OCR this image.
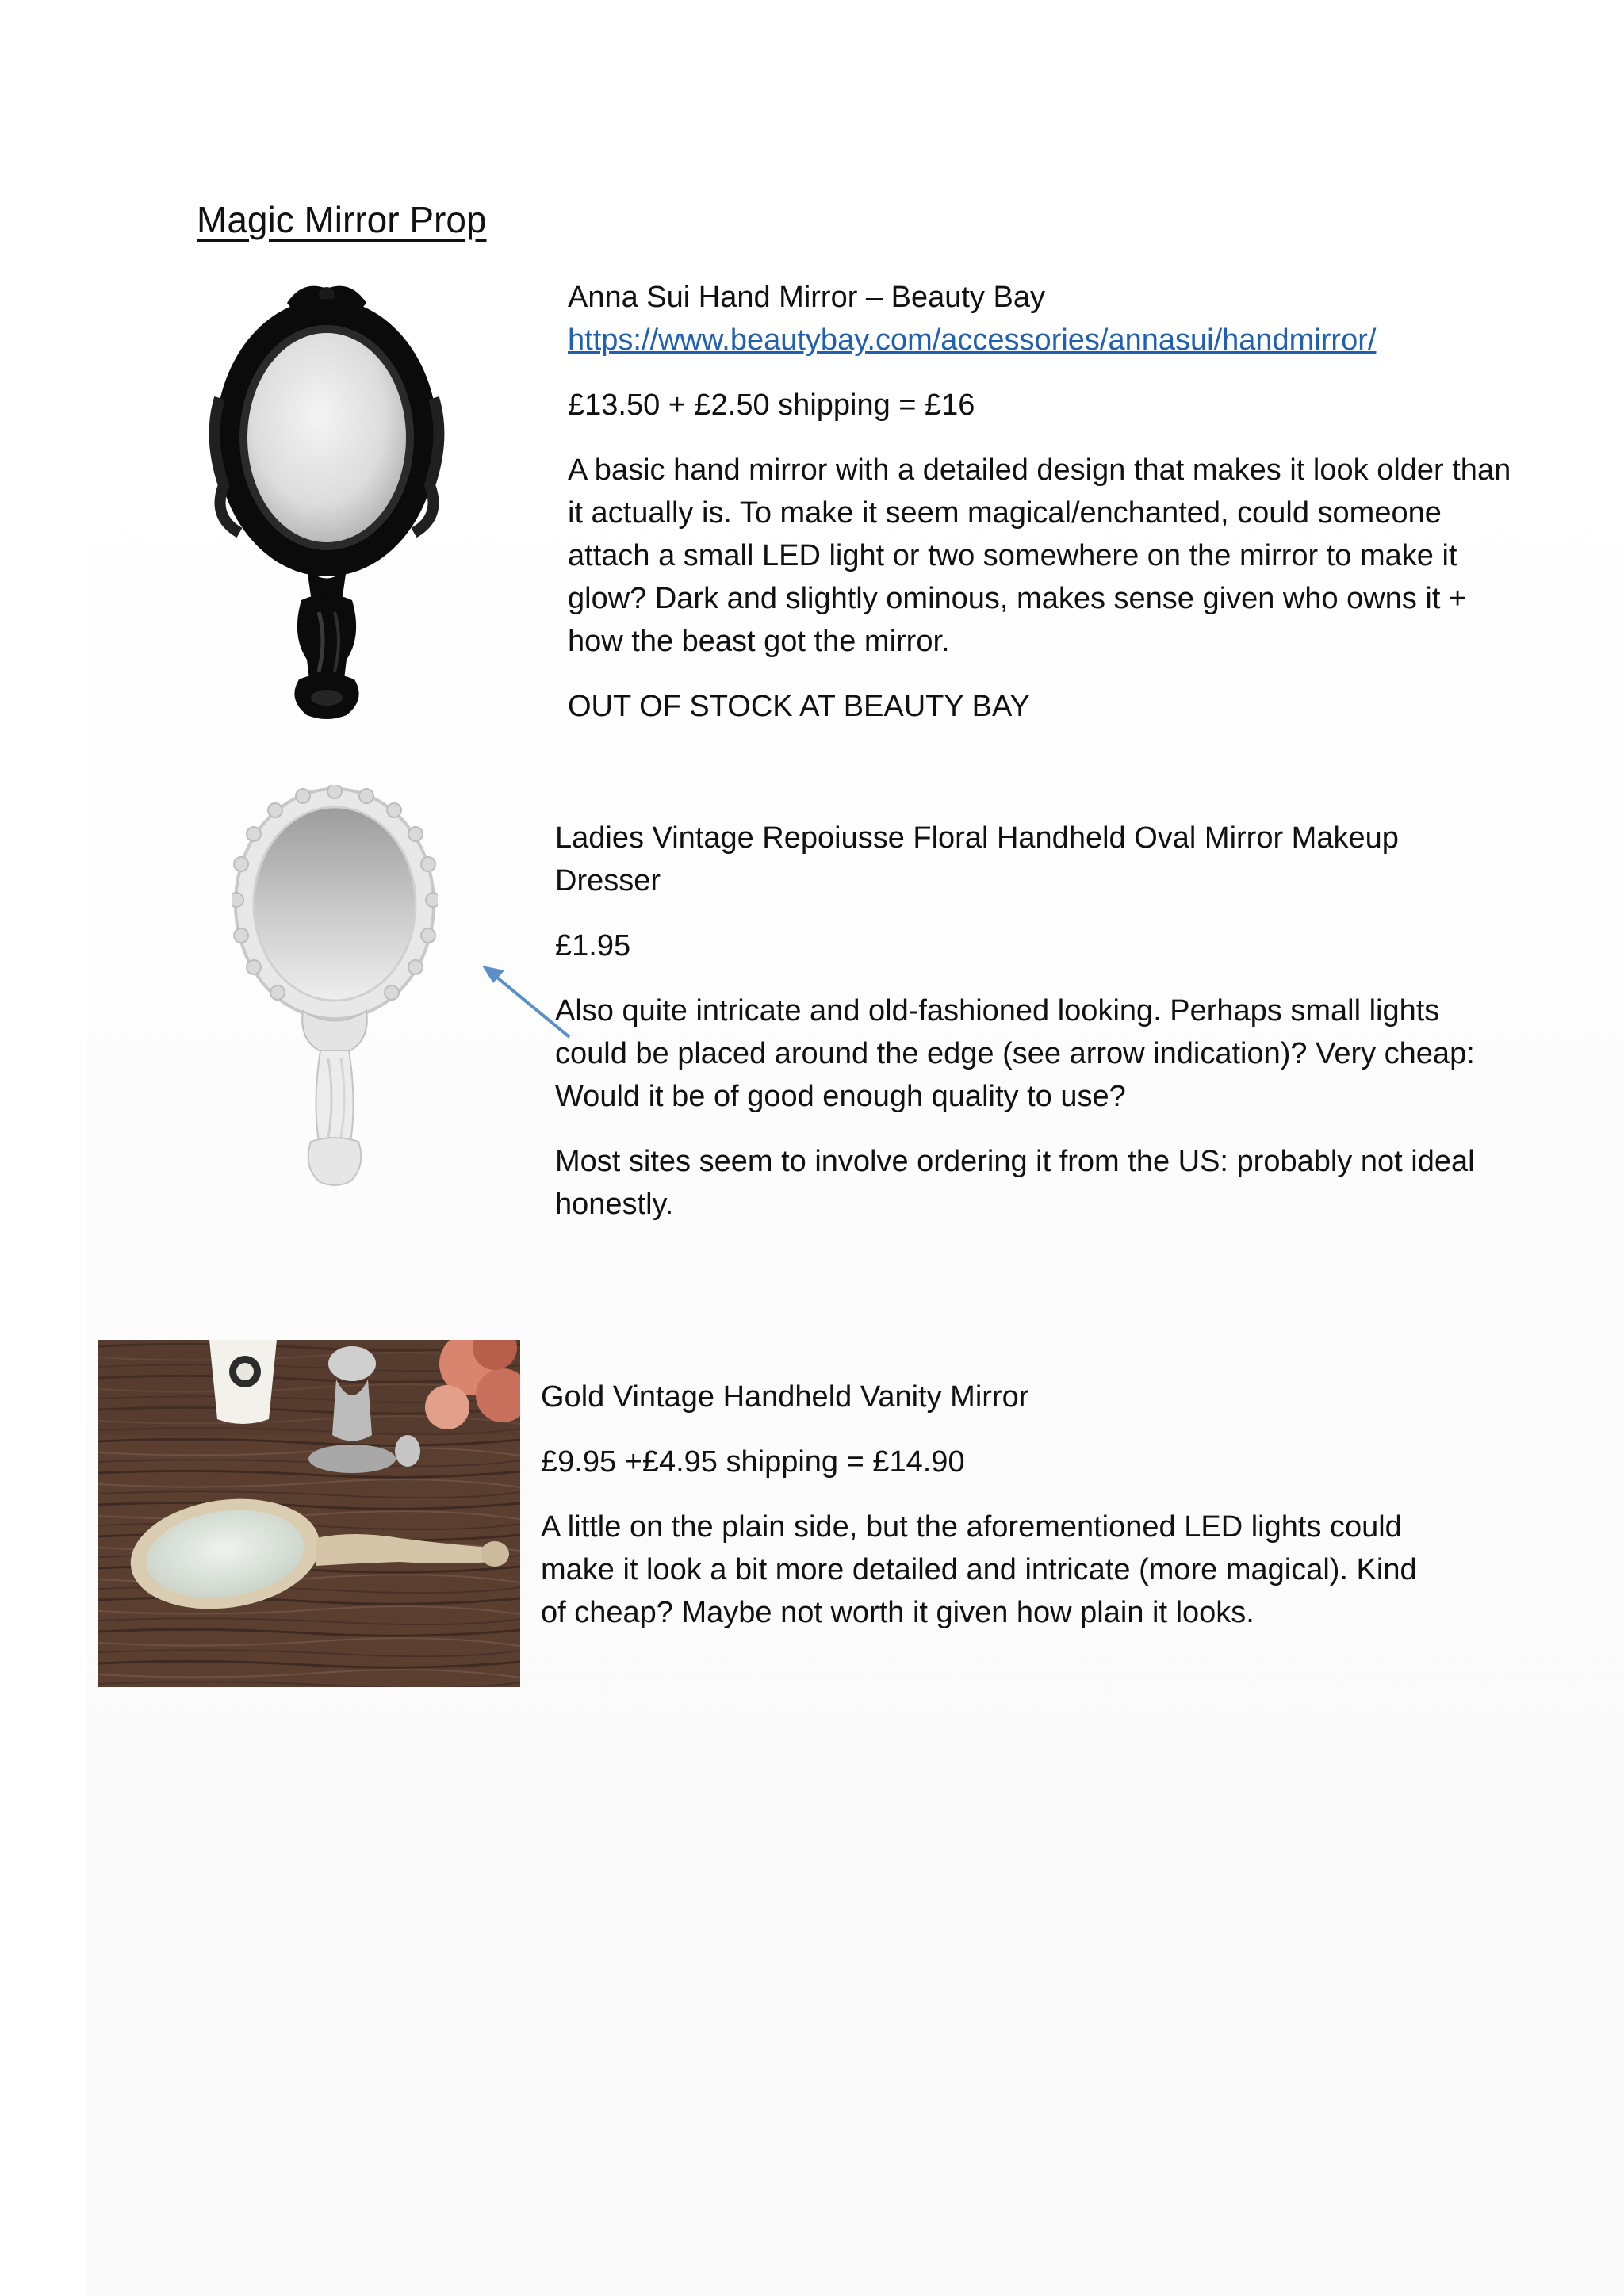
Magic Mirror Prop

Anna Sui Hand Mirror – Beauty Bay

https://www.beautybay.com/accessories/annasui/handmirror/

£13.50 + £2.50 shipping = £16

A basic hand mirror with a detailed design that makes it look older than it actually is. To make it seem magical/enchanted, could someone attach a small LED light or two somewhere on the mirror to make it glow? Dark and slightly ominous, makes sense given who owns it + how the beast got the mirror.

OUT OF STOCK AT BEAUTY BAY

Ladies Vintage Repoiusse Floral Handheld Oval Mirror Makeup Dresser

£1.95

Also quite intricate and old-fashioned looking. Perhaps small lights could be placed around the edge (see arrow indication)? Very cheap: Would it be of good enough quality to use?

Most sites seem to involve ordering it from the US: probably not ideal honestly.

Gold Vintage Handheld Vanity Mirror

£9.95 +£4.95 shipping = £14.90

A little on the plain side, but the aforementioned LED lights could make it look a bit more detailed and intricate (more magical). Kind of cheap? Maybe not worth it given how plain it looks.
